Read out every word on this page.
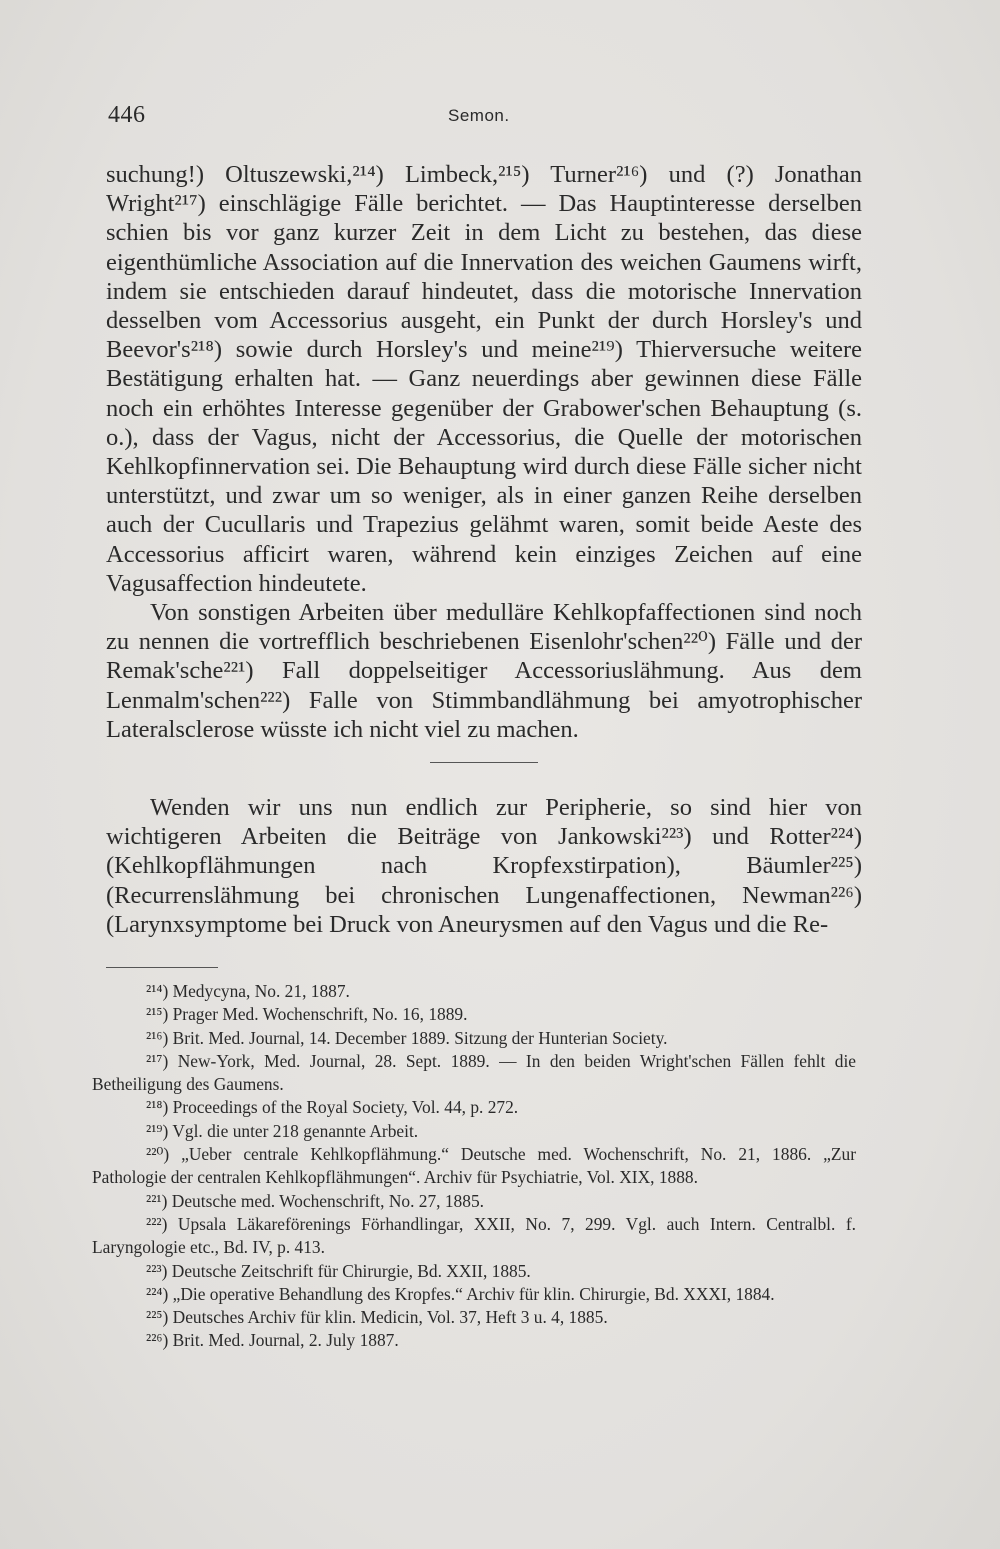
446	Semon.

suchung!) Oltuszewski,²¹⁴) Limbeck,²¹⁵) Turner²¹⁶) und (?) Jonathan Wright²¹⁷) einschlägige Fälle berichtet. — Das Hauptinteresse derselben schien bis vor ganz kurzer Zeit in dem Licht zu bestehen, das diese eigenthümliche Association auf die Innervation des weichen Gaumens wirft, indem sie entschieden darauf hindeutet, dass die motorische Innervation desselben vom Accessorius ausgeht, ein Punkt der durch Horsley's und Beevor's²¹⁸) sowie durch Horsley's und meine²¹⁹) Thierversuche weitere Bestätigung erhalten hat. — Ganz neuerdings aber gewinnen diese Fälle noch ein erhöhtes Interesse gegenüber der Grabower'schen Behauptung (s. o.), dass der Vagus, nicht der Accessorius, die Quelle der motorischen Kehlkopfinnervation sei. Die Behauptung wird durch diese Fälle sicher nicht unterstützt, und zwar um so weniger, als in einer ganzen Reihe derselben auch der Cucullaris und Trapezius gelähmt waren, somit beide Aeste des Accessorius afficirt waren, während kein einziges Zeichen auf eine Vagusaffection hindeutete.

Von sonstigen Arbeiten über medulläre Kehlkopfaffectionen sind noch zu nennen die vortrefflich beschriebenen Eisenlohr'schen²²⁰) Fälle und der Remak'sche²²¹) Fall doppelseitiger Accessoriuslähmung. Aus dem Lenmalm'schen²²²) Falle von Stimmbandlähmung bei amyotrophischer Lateralsclerose wüsste ich nicht viel zu machen.

Wenden wir uns nun endlich zur Peripherie, so sind hier von wichtigeren Arbeiten die Beiträge von Jankowski²²³) und Rotter²²⁴) (Kehlkopflähmungen nach Kropfexstirpation), Bäumler²²⁵) (Recurrenslähmung bei chronischen Lungenaffectionen, Newman²²⁶) (Larynxsymptome bei Druck von Aneurysmen auf den Vagus und die Re-

²¹⁴) Medycyna, No. 21, 1887.

²¹⁵) Prager Med. Wochenschrift, No. 16, 1889.

²¹⁶) Brit. Med. Journal, 14. December 1889. Sitzung der Hunterian Society.

²¹⁷) New-York, Med. Journal, 28. Sept. 1889. — In den beiden Wright'schen Fällen fehlt die Betheiligung des Gaumens.

²¹⁸) Proceedings of the Royal Society, Vol. 44, p. 272.

²¹⁹) Vgl. die unter 218 genannte Arbeit.

²²⁰) „Ueber centrale Kehlkopflähmung.“ Deutsche med. Wochenschrift, No. 21, 1886. „Zur Pathologie der centralen Kehlkopflähmungen“. Archiv für Psychiatrie, Vol. XIX, 1888.

²²¹) Deutsche med. Wochenschrift, No. 27, 1885.

²²²) Upsala Läkareförenings Förhandlingar, XXII, No. 7, 299. Vgl. auch Intern. Centralbl. f. Laryngologie etc., Bd. IV, p. 413.

²²³) Deutsche Zeitschrift für Chirurgie, Bd. XXII, 1885.

²²⁴) „Die operative Behandlung des Kropfes.“ Archiv für klin. Chirurgie, Bd. XXXI, 1884.

²²⁵) Deutsches Archiv für klin. Medicin, Vol. 37, Heft 3 u. 4, 1885.

²²⁶) Brit. Med. Journal, 2. July 1887.
